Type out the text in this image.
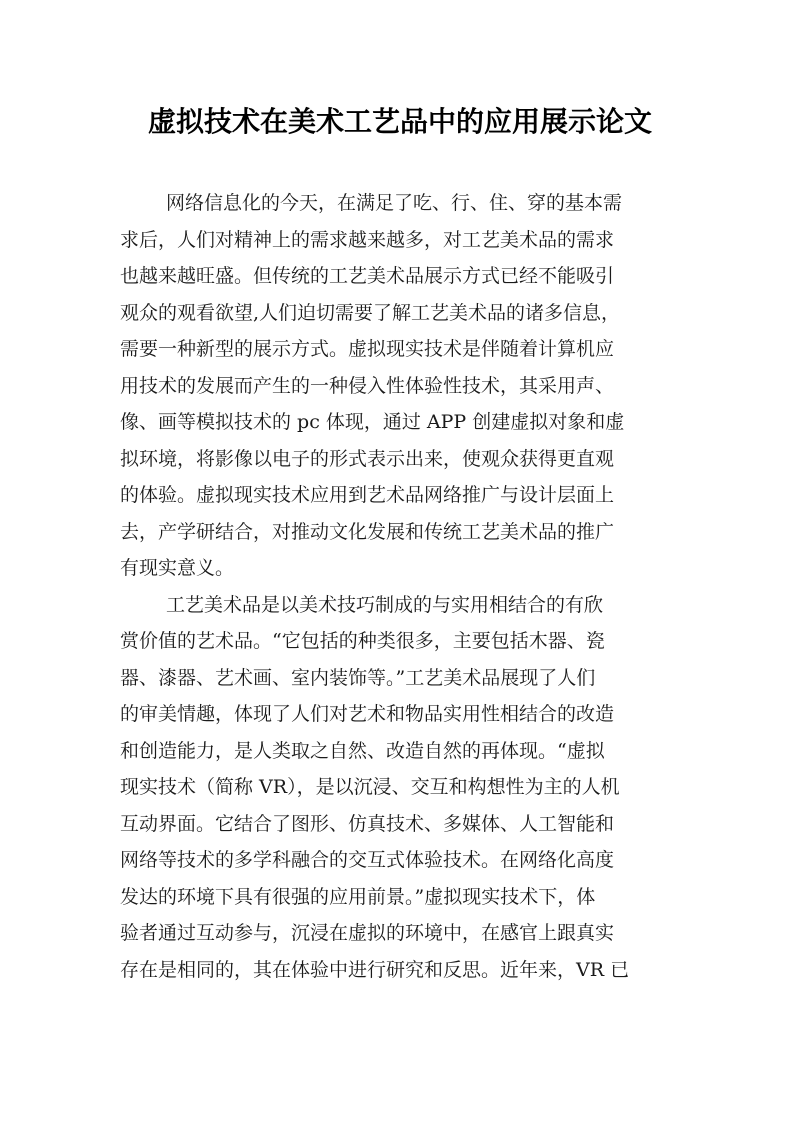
虚拟技术在美术工艺品中的应用展示论文
网络信息化的今天，在满足了吃、行、住、穿的基本需
求后，人们对精神上的需求越来越多，对工艺美术品的需求
也越来越旺盛。但传统的工艺美术品展示方式已经不能吸引
观众的观看欲望,人们迫切需要了解工艺美术品的诸多信息，
需要一种新型的展示方式。虚拟现实技术是伴随着计算机应
用技术的发展而产生的一种侵入性体验性技术，其采用声、
像、画等模拟技术的 pc 体现，通过 APP 创建虚拟对象和虚
拟环境，将影像以电子的形式表示出来，使观众获得更直观
的体验。虚拟现实技术应用到艺术品网络推广与设计层面上
去，产学研结合，对推动文化发展和传统工艺美术品的推广
有现实意义。
工艺美术品是以美术技巧制成的与实用相结合的有欣
赏价值的艺术品。“它包括的种类很多，主要包括木器、瓷
器、漆器、艺术画、室内装饰等。”工艺美术品展现了人们
的审美情趣，体现了人们对艺术和物品实用性相结合的改造
和创造能力，是人类取之自然、改造自然的再体现。“虚拟
现实技术（简称 VR），是以沉浸、交互和构想性为主的人机
互动界面。它结合了图形、仿真技术、多媒体、人工智能和
网络等技术的多学科融合的交互式体验技术。在网络化高度
发达的环境下具有很强的应用前景。”虚拟现实技术下，体
验者通过互动参与，沉浸在虚拟的环境中，在感官上跟真实
存在是相同的，其在体验中进行研究和反思。近年来，VR 已
